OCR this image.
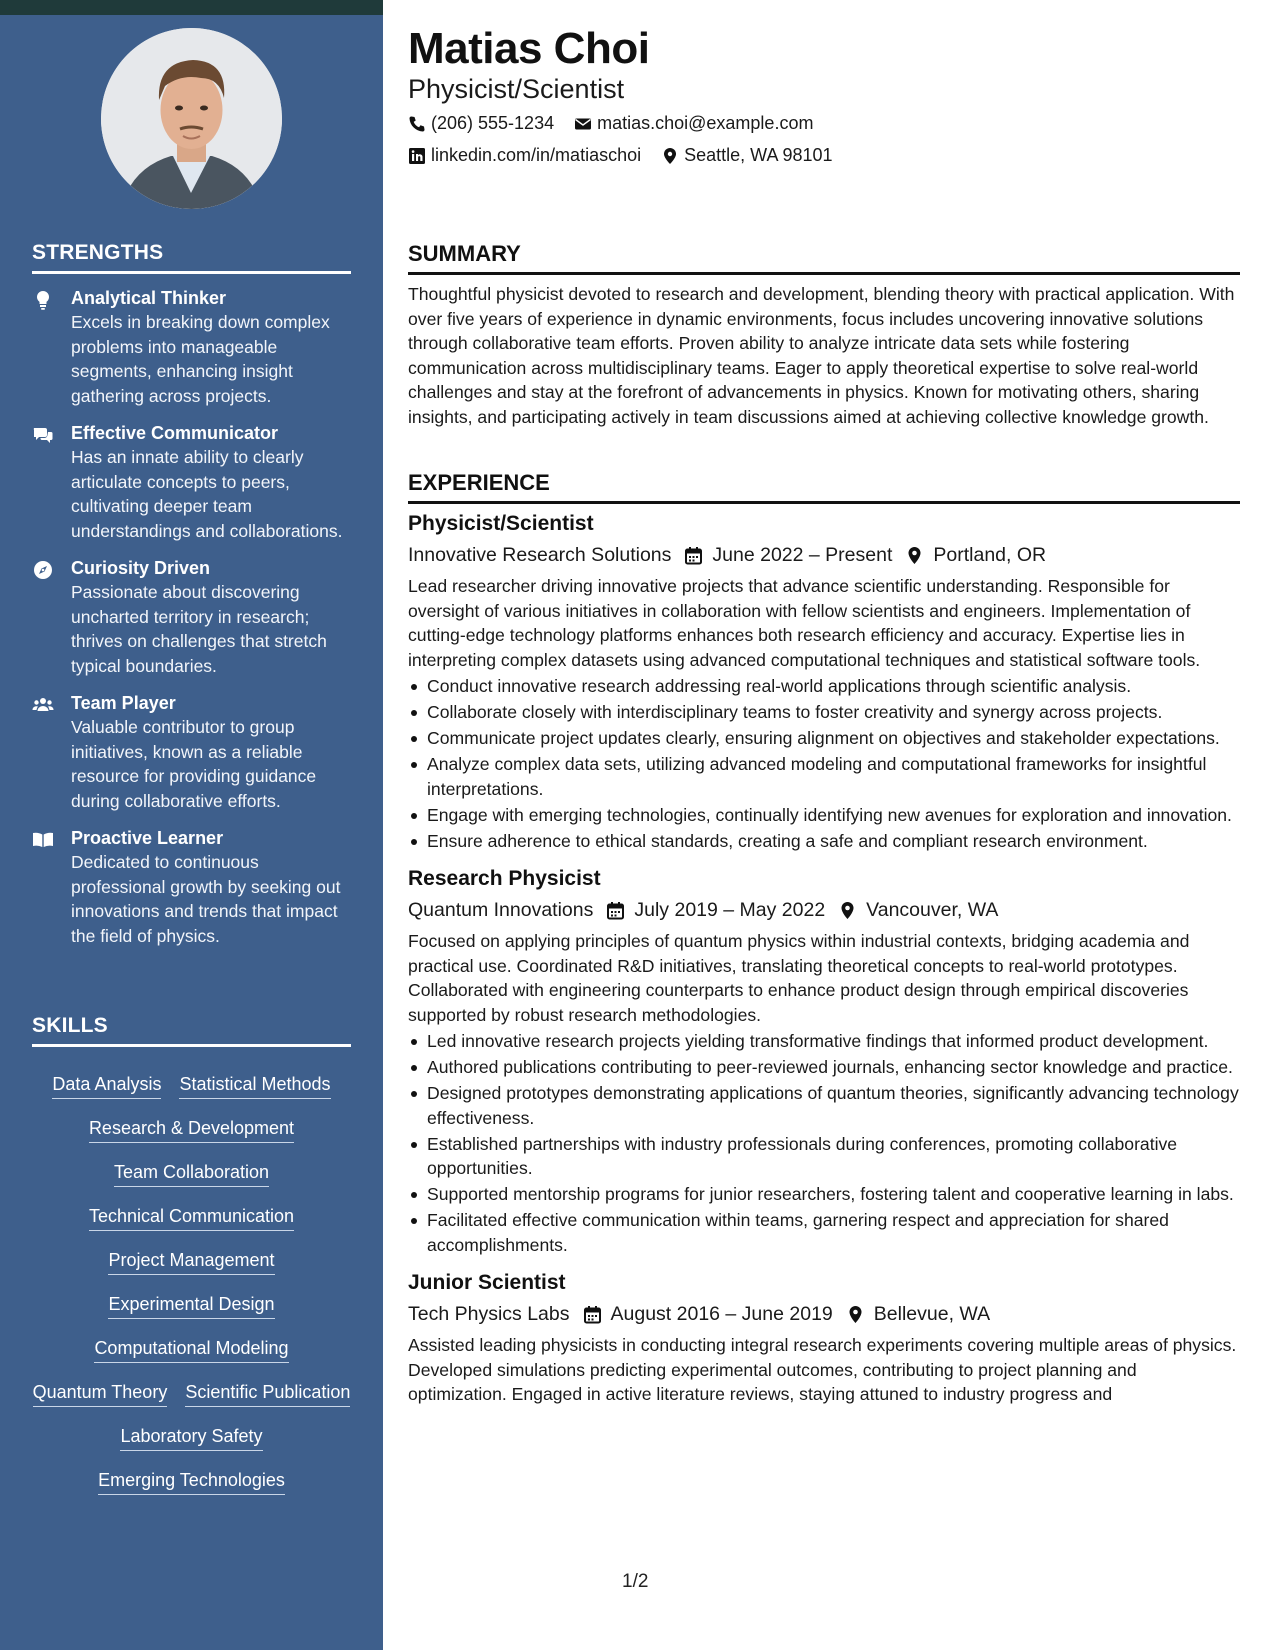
STRENGTHS
Analytical Thinker
Excels in breaking down complex problems into manageable segments, enhancing insight gathering across projects.
Effective Communicator
Has an innate ability to clearly articulate concepts to peers, cultivating deeper team understandings and collaborations.
Curiosity Driven
Passionate about discovering uncharted territory in research; thrives on challenges that stretch typical boundaries.
Team Player
Valuable contributor to group initiatives, known as a reliable resource for providing guidance during collaborative efforts.
Proactive Learner
Dedicated to continuous professional growth by seeking out innovations and trends that impact the field of physics.
SKILLS
Data Analysis Statistical Methods
Research & Development
Team Collaboration
Technical Communication
Project Management
Experimental Design
Computational Modeling
Quantum Theory Scientific Publication
Laboratory Safety
Emerging Technologies
Matias Choi
Physicist/Scientist
(206) 555-1234 matias.choi@example.com
linkedin.com/in/matiaschoi Seattle, WA 98101
SUMMARY

Thoughtful physicist devoted to research and development, blending theory with practical application. With over five years of experience in dynamic environments, focus includes uncovering innovative solutions through collaborative team efforts. Proven ability to analyze intricate data sets while fostering communication across multidisciplinary teams. Eager to apply theoretical expertise to solve real-world challenges and stay at the forefront of advancements in physics. Known for motivating others, sharing insights, and participating actively in team discussions aimed at achieving collective knowledge growth.

EXPERIENCE
Physicist/Scientist
Innovative Research Solutions June 2022 – Present Portland, OR

Lead researcher driving innovative projects that advance scientific understanding. Responsible for oversight of various initiatives in collaboration with fellow scientists and engineers. Implementation of cutting-edge technology platforms enhances both research efficiency and accuracy. Expertise lies in interpreting complex datasets using advanced computational techniques and statistical software tools.

Conduct innovative research addressing real-world applications through scientific analysis.
Collaborate closely with interdisciplinary teams to foster creativity and synergy across projects.
Communicate project updates clearly, ensuring alignment on objectives and stakeholder expectations.
Analyze complex data sets, utilizing advanced modeling and computational frameworks for insightful interpretations.
Engage with emerging technologies, continually identifying new avenues for exploration and innovation.
Ensure adherence to ethical standards, creating a safe and compliant research environment.
Research Physicist
Quantum Innovations July 2019 – May 2022 Vancouver, WA

Focused on applying principles of quantum physics within industrial contexts, bridging academia and practical use. Coordinated R&D initiatives, translating theoretical concepts to real-world prototypes. Collaborated with engineering counterparts to enhance product design through empirical discoveries supported by robust research methodologies.

Led innovative research projects yielding transformative findings that informed product development.
Authored publications contributing to peer-reviewed journals, enhancing sector knowledge and practice.
Designed prototypes demonstrating applications of quantum theories, significantly advancing technology effectiveness.
Established partnerships with industry professionals during conferences, promoting collaborative opportunities.
Supported mentorship programs for junior researchers, fostering talent and cooperative learning in labs.
Facilitated effective communication within teams, garnering respect and appreciation for shared accomplishments.
Junior Scientist
Tech Physics Labs August 2016 – June 2019 Bellevue, WA

Assisted leading physicists in conducting integral research experiments covering multiple areas of physics. Developed simulations predicting experimental outcomes, contributing to project planning and optimization. Engaged in active literature reviews, staying attuned to industry progress and

1/2
